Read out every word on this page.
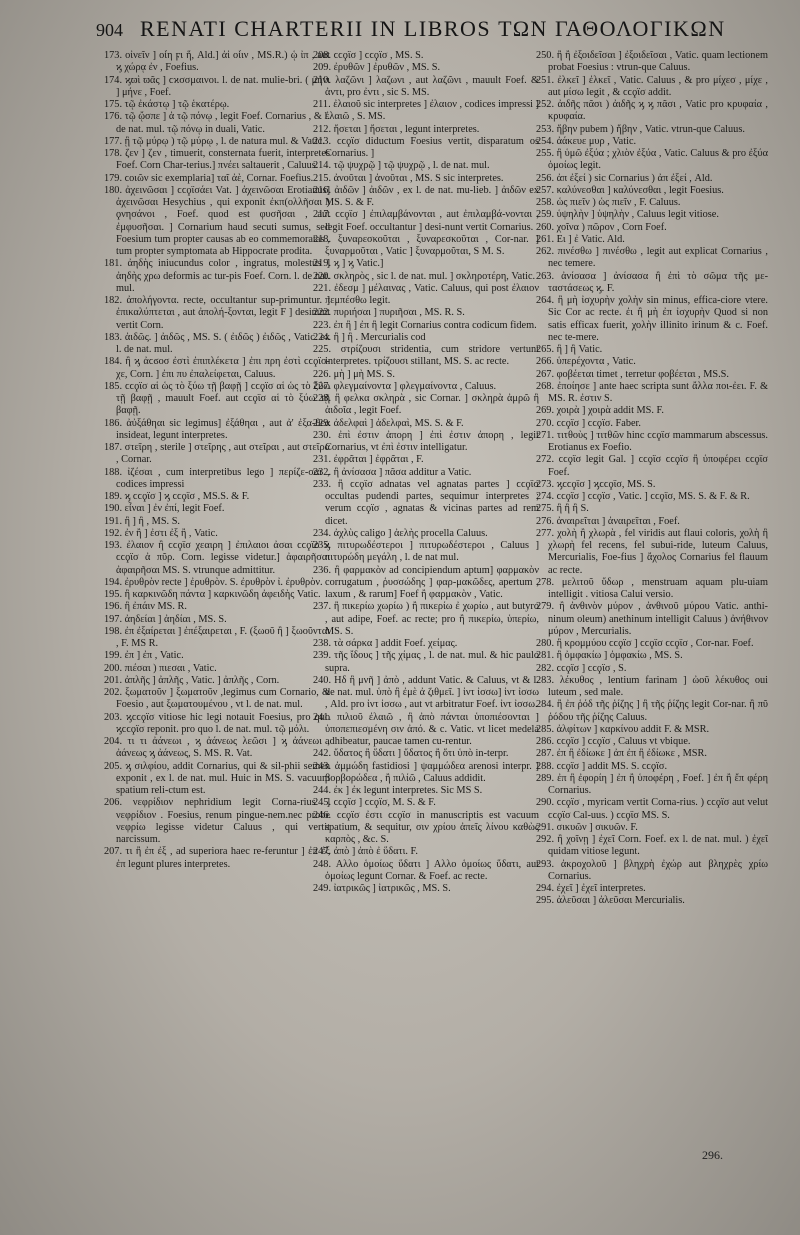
904 RENATI CHARTERII IN LIBROS ΤΩΝ ΓΑΘΟΛΟΓΙΚΩΝ

173. οἰνεῖν ] οἶη ϝι ἥ, Ald.] ἀἰ οἷιν , MS.R.) ᾡ ἰπ , aut ϗ χώρᾳ ἐν , Foefius.

174. ϗϖὶ ϖᾶς ] ϲϰσσμαινοι. l. de nat. mulie-bri. ( μήνι ] μήνε , Foef.

175. τῷ ἐκάστῳ ] τῷ ἑκατέρῳ.

176. τῷ ᾤσπε ] ἀ τῷ πόνῳ , legit Foef. Cornarius , & l. de nat. mul. τῷ πόνῳ in duali, Vatic.

177. ᾒ τῷ μύρῳ ) τῷ μύρῳ , l. de natura mul. & Vatic.

178. ζεν ] ζεν , timuerit, consternata fuerit, interpretes Foef. Corn Char-terius.] πνέει saltauerit , Caluus.

179. ϲοιῶν sic exemplaria] ταῖ ἀὲ, Cornar. Foefius.

180. ἀχεινῶσαι ] ϲϲϙϊσάει Vat. ] ἀχεινῶσαι Erotianus] ἀχεινῶσαι Hesychius , qui exponit ἐκπ(ολλῆσαι ) ϙνησάνοι , Foef. quod est φυσῆσαι , aut ἐμφυσῆσαι. ] Cornarium haud secuti sumus, sed Foesium tum propter causas ab eo commemoratas , tum propter symptomata ab Hippocrate prodita.

181. ἀηδὴς iniucundus color , ingratus, molestus ] ἀηδὴς χρω deformis ac tur-pis Foef. Corn. l. de nat. mul.

182. ἀπολήγοντα. recte, occultantur sup-primuntur. ] ἐπικαλύπτεται , aut ἀπολή-ξονται, legit F ] desinunt vertit Corn.

183. ἀιδῶς. ] ἀιδῶς , MS. S. ( ἐιδῶς ) ἐιδῶς , Vatic. ex l. de nat. mul.

184. ἢ ϗ ἀϲϭοσ ἐστὶ ἐπιπλέκετα ] ἐπι πρη ἐστὶ ϲϲϙϊσ-χε, Corn. ] ἐπι πυ ἐπαλείφεται, Caluus.

185. ϲϲϙϊσ αἱ ὡς τὸ ξύω τῇ βαφῇ ] ϲϲϙϊσ αἱ ὡς τὸ ξύω τῇ βαφῇ , mauult Foef. aut ϲϲϙϊσ αἱ τὸ ξύω τῇ βαφῇ.

186. ἀὐξάθηαι sic legimus] ἐξάθηαι , aut ἀ' ἐξα-θεα insideat, legunt interpretes.

187. στεῖρη , sterile ] στεῖρης , aut στεῖραι , aut στεῖρα , Cornar.

188. ἰζέσαι , cum interpretibus lego ] περίζε-σαι , codices impressi

189. ϗ ϲϲϙϊσ ] ϗ ϲϲϙϊσ , MS.S. & F.

190. εἶναι ] ἐν ἐπί, legit Foef.

191. ἢ ] ἢ , MS. S.

192. ἐν ἢ ] ἐστι ἐξ ἢ , Vatic.

193. ἐλαιον ἢ ϲϲϙϊσ χεαιρη ] ἐπιλαιοι ἀσαι ϲϲϙϊσ ϗ ϲϲϙϊσ ἀ πῦρ. Corn. legisse videtur.] ἀφαιρῆσαι ἀφαιρῆσαι MS. S. vtrunque admittitur.

194. ἐρυθρὸν recte ] ἐρυθρὸν. S. ἐρυθρὸν ἰ. ἐρυθρὸν.

195. ἢ καρκινῶδη πάντα ] καρκινῶδη ἀφειδὴς Vatic.

196. ἢ ἐπάιν MS. R.

197. ἀηδείαι ] ἀηδίαι , MS. S.

198. ἐπ ἐξαίρεται ] ἐπέξαιρεται , F. (ξωοῦ ἢ ] ξωοῦνται , F. MS R.

199. ἐπ ] ἐπ , Vatic.

200. πιέσαι ) πιεσαι , Vatic.

201. ἀπλῆς ] ἀπλῆς , Vatic. ] ἀπλῆς , Corn.

202. ξωματοῦν ] ξωματοῦν ,legimus cum Cornario, & Foesio , aut ξωματουμένου , vt l. de nat. mul.

203. ϗϲϲϙϊσ vitiose hic legi notauit Foesius, pro quo ϗϲϲϙϊσ reponit. pro quo l. de nat. mul. τῷ μόλι.

204. τι τι ἀάνεωι , ϗ ἀάνεως λεῶσι ] ϗ ἀάνεωι , ἀάνεως ϗ ἀάνεως, S. MS. R. Vat.

205. ϗ σιλφίου, addit Cornarius, qui & sil-phii semen exponit , ex l. de nat. mul. Huic in MS. S. vacuum spatium reli-ctum est.

206. νεφρίδιον nephridium legit Corna-rius ] νεφρίδιον . Foesius, renum pingue-nem.nec probe νεφρίω legisse videtur Caluus , qui vertit narcissum.

207. τι ἢ ἐπ ἐξ , ad superiora haec re-feruntur ] ἐπ ἐξ ἐπ legunt plures interpretes.

208. ϲϲϙϊσ ] ϲϲϙϊσ , MS. S.

209. ἐρυθῶν ] ἐρυθῶν , MS. S.

210. λαζῶνι ] λαζωνι , aut λαζῶνι , mauult Foef. & ἀντι, pro ἐντι , sic S. MS.

211. ἐλαιοῦ sic interpretes ] ἐλαιον , codices impressi ] ἐλαιῶ , S. MS.

212. ἤσεται ] ἤσεται , legunt interpretes.

213. ϲϲϙϊσ diductum Foesius vertit, disparatum os Cornarius. ]

214. τῷ ψυχρῷ ] τῷ ψυχρῷ , l. de nat. mul.

215. ἀνοῦται ] ἀνοῦται , MS. S sic interpretes.

216. ἀιδῶν ] ἀιδῶν , ex l. de nat. mu-lieb. ] ἀιδῶν ex MS. S. & F.

217. ϲϲϙϊσ ] ἐπιλαμβάνονται , aut ἐπιλαμβά-νονται , legit Foef. occultantur ] desi-nunt vertit Cornarius.

218. ξυναρεσκοῦται , ξυναρεσκοῦται , Cor-nar. ] ξυναρμοῦται , Vatic ] ξυναρμοῦται, S M. S.

219. ϗ ] ϗ Vatic.]

220. σκληρὸς , sic l. de nat. mul. ] σκληροτέρη, Vatic.

221. ἐδεσμ ] μέλαινας , Vatic. Caluus, qui post ἐλαιον πεμπέσθω legit.

222. πυριήσαι ] πυριῆσαι , MS. R. S.

223. ἐπ ἢ ] ἐπ ἢ legit Cornarius contra codicum fidem.

224. ἢ ] ἢ . Mercurialis cod

225. στρίζουσι stridentia, cum stridore vertunt interpretes. τρίζουσι stillant, MS. S. ac recte.

226. μὴ ] μὴ MS. S.

227. φλεγμαίνοντα ] φλεγμαίνοντα , Caluus.

228. ἢ φελκα σκληρὰ , sic Cornar. ] σκληρὰ ἀμρῶ ἢ ἀιδοῖα , legit Foef.

229. ἀδελφαὶ ] ἀδελφαὶ, MS. S. & F.

230. ἐπὶ ἐστιν ἀπορη ] ἐπὶ ἐστιν ἀπορη , legit Cornarius, vt ἐπὶ ἐστιν intelligatur.

231. ἐφρᾶται ] ἐφρᾶται , F.

232. ἢ ἀνίσασα ] πᾶσα additur a Vatic.

233. ἢ ϲϲϙϊσ adnatas vel agnatas partes ] ϲϲϙϊσ occultas pudendi partes, sequimur interpretes ; verum ϲϲϙϊσ , agnatas & vicinas partes ad rem dicet.

234. ἀχλὺς caligo ] ἀελὴς procella Caluus.

235. πιτυρωδέστεροι ] πιτυρωδέστεροι , Caluus ] πιτυρώδη μεγάλη , l. de nat mul.

236. ἢ φαρμακὸν ad concipiendum aptum] φαρμακὸν corrugatum , ῥυσσώδης ] φαρ-μακῶδες, apertum , laxum , & rarum] Foef ἢ φαρμακὸν , Vatic.

237. ἢ πικερίω χωρίω ) ἢ πικερίω ἐ χωρίω , aut butyro , aut adipe, Foef. ac recte; pro ἢ πικερίω, ὑπερίω, MS. S.

238. τὰ σάρκα ] addit Foef. χείμας.

239. τῆς ἴδους ] τῆς χίμας , l. de nat. mul. & hic paulo supra.

240. Ηδ ἢ μνῆ ] ἀπὸ , addunt Vatic. & Caluus, vt & l. de nat. mul. ὑπὸ ἢ ἐμὲ ἀ ζιθμεῖ. ] ἰντ ἰσσω] ἰντ ἰσσω , Ald. pro ἰντ ἰσσω , aut vt arbitratur Foef. ἰντ ἰσσω.

241. πιλιοῦ ἐλαιῶ , ἢ ἀπὸ πάνται ὑποπιέσονται ] ὑποπεπιεσμένη σιν ἀπό. & c. Vatic. vt licet medela adhibeatur, paucae tamen cu-rentur.

242. ὕδατος ἢ ὕδατι ] ὕδατος ἢ ὅτι ὑπὸ in-terpr.

243. ἀμμώδη fastidiosi ] ψαμμώδεα arenosi interpr. ] βορβορώδεα , ἢ πιλίῶ , Caluus addidit.

244. ἐκ ] ἐκ legunt interpretes. Sic MS S.

245. ϲϲϙϊσ ] ϲϲϙϊσ, M. S. & F.

246. ϲϲϙϊσ ἐστι ϲϲϙϊσ in manuscriptis est vacuum spatium, & sequitur, σιν χρίου ἀπεῖς λίνου καθὼς καρπὸς , &c. S.

247. ἀπὸ ] ἀπὸ ἐ ὕδατι. F.

248. Αλλο ὁμοίως ὕδατι ] Αλλο ὁμοίως ὕδατι, aut ὁμοίως legunt Cornar. & Foef. ac recte.

249. ἰατρικῶς ] ἰατρικῶς , MS. S.

250. ἢ ἢ ἐξοιδεῖσαι ] ἐξοιδεῖσαι , Vatic. quam lectionem probat Foesius : vtrun-que Caluus.

251. ἐλκεῖ ] ἐλκεῖ , Vatic. Caluus , & pro μίχεσ , μίχε , aut μίσω legit , & ϲϲϙϊσ addit.

252. ἀιδῆς πᾶσι ) ἀιδῆς ϗ ϗ πᾶσι , Vatic pro κρυφαία , κρυφαία.

253. ἥβην pubem ) ἥβην , Vatic. vtrun-que Caluus.

254. ἀάκευε μυρ , Vatic.

255. ἢ ὑμῶ ἐξύα ; χλιὸν ἐξύα , Vatic. Caluus & pro ἐξύα ὁμοίως legit.

256. ἀπ ἐξεί ) sic Cornarius ) ἀπ ἐξεί , Ald.

257. καλύνεσθαι ] καλύνεσθαι , legit Foesius.

258. ὡς πιεῖν ) ὡς πιεῖν , F. Caluus.

259. ὑψηλὴν ] ὑψηλὴν , Caluus legit vitiose.

260. χοῖνα ) πῶρον , Corn Foef.

261. Ει ] ἐ Vatic. Ald.

262. πινέσθω ] πινέσθω , legit aut explicat Cornarius , nec temere.

263. ἀνίσασα ] ἀνίσασα ἢ ἐπὶ τὸ σῶμα τῆς με-ταστάσεως ϗ. F.

264. ἢ μὴ ἰσχυρὴν χολὴν sin minus, effica-ciore vtere. Sic Cor ac recte. ἐι ἢ μὴ ἐπ ἰσχυρὴν Quod si non satis efficax fuerit, χολὴν illinito irinum & c. Foef. nec te-mere.

265. ἢ ] ἢ Vatic.

266. ὑπερέχοντα , Vatic.

267. φοβέεται timet , terretur φοβέεται , MS.S.

268. ἐποίησε ] ante haec scripta sunt ἄλλα ποι-ἐει. F. & MS. R. ἐστιν S.

269. χοιρὰ ] χοιρὰ addit MS. F.

270. ϲϲϙϊσ ] ϲϲϙϊσ. Faber.

271. τιτθοὺς ] τιτθῶν hinc ϲϲϙϊσ mammarum abscessus. Erotianus ex Foefio.

272. ϲϲϙϊσ legit Gal. ] ϲϲϙϊσ ϲϲϙϊσ ἢ ὑποφέρει ϲϲϙϊσ Foef.

273. ϗϲϲϙϊσ ] ϗϲϲϙϊσ, MS. S.

274. ϲϲϙϊσ ] ϲϲϙϊσ , Vatic. ] ϲϲϙϊσ, MS. S. & F. & R.

275. ἢ ἢ ἢ S.

276. ἀναιρεῖται ] ἀναιρεῖται , Foef.

277. χολὴ ἢ χλωρὰ , fel viridis aut flaui coloris, χολὴ ἢ χλωρὴ fel recens, fel subui-ride, luteum Caluus, Mercurialis, Foe-fius ] ἄχολος Cornarius fel flauum ac recte.

278. μελιτοῦ ὕδωρ , menstruam aquam plu-uiam intelligit . vitiosa Calui versio.

279. ἢ ἀνθινὸν μύρον , ἀνθινοῦ μύρου Vatic. anthi-ninum oleum) anethinum intelligit Caluus ) ἀνήθινον μύρον , Mercurialis.

280. ἢ κρομμύου ϲϲϙϊσ ] ϲϲϙϊσ ϲϲϙϊσ , Cor-nar. Foef.

281. ἢ ὀμφακίω ] ὀμφακίω , MS. S.

282. ϲϲϙϊσ ] ϲϲϙϊσ , S.

283. λέκυθος , lentium farinam ] ὠοῦ λέκυθος oui luteum , sed male.

284. ἢ ἐπ ῥόδ τῆς ῥίζης ] ἢ τῆς ῥίζης legit Cor-nar. ἢ πῦ ῥόδου τῆς ῥίζης Caluus.

285. ἀλφίτων ] καρκίνου addit F. & MSR.

286. ϲϲϙϊσ ] ϲϲϙϊσ , Caluus vt vbique.

287. ἐπ ἢ ἐδίωκε ] ἀπ ἐπ ἢ ἐδίωκε , MSR.

288. ϲϲϙϊσ ] addit MS. S. ϲϲϙϊσ.

289. ἐπ ἢ ἐφορίη ] ἐπ ἢ ὑποφέρη , Foef. ] ἐπ ἢ ἔπ φέρη Cornarius.

290. ϲϲϙϊσ , myricam vertit Corna-rius. ) ϲϲϙϊσ aut velut ϲϲϙϊσ Cal-uus. ) ϲϲϙϊσ MS. S.

291. σικυῶν ] σικυῶν. F.

292. ἢ χοῖνῃ ] ἐχεῖ Corn. Foef. ex l. de nat. mul. ) ἐχεῖ quidam vitiose legunt.

293. ἀκροχολοῦ ] βληχρὴ ἐχώρ aut βληχρὲς χρίω Cornarius.

294. ἐχεῖ ] ἐχεῖ interpretes.

295. ἀλεῦσαι ] ἀλεῦσαι Mercurialis.

296.
